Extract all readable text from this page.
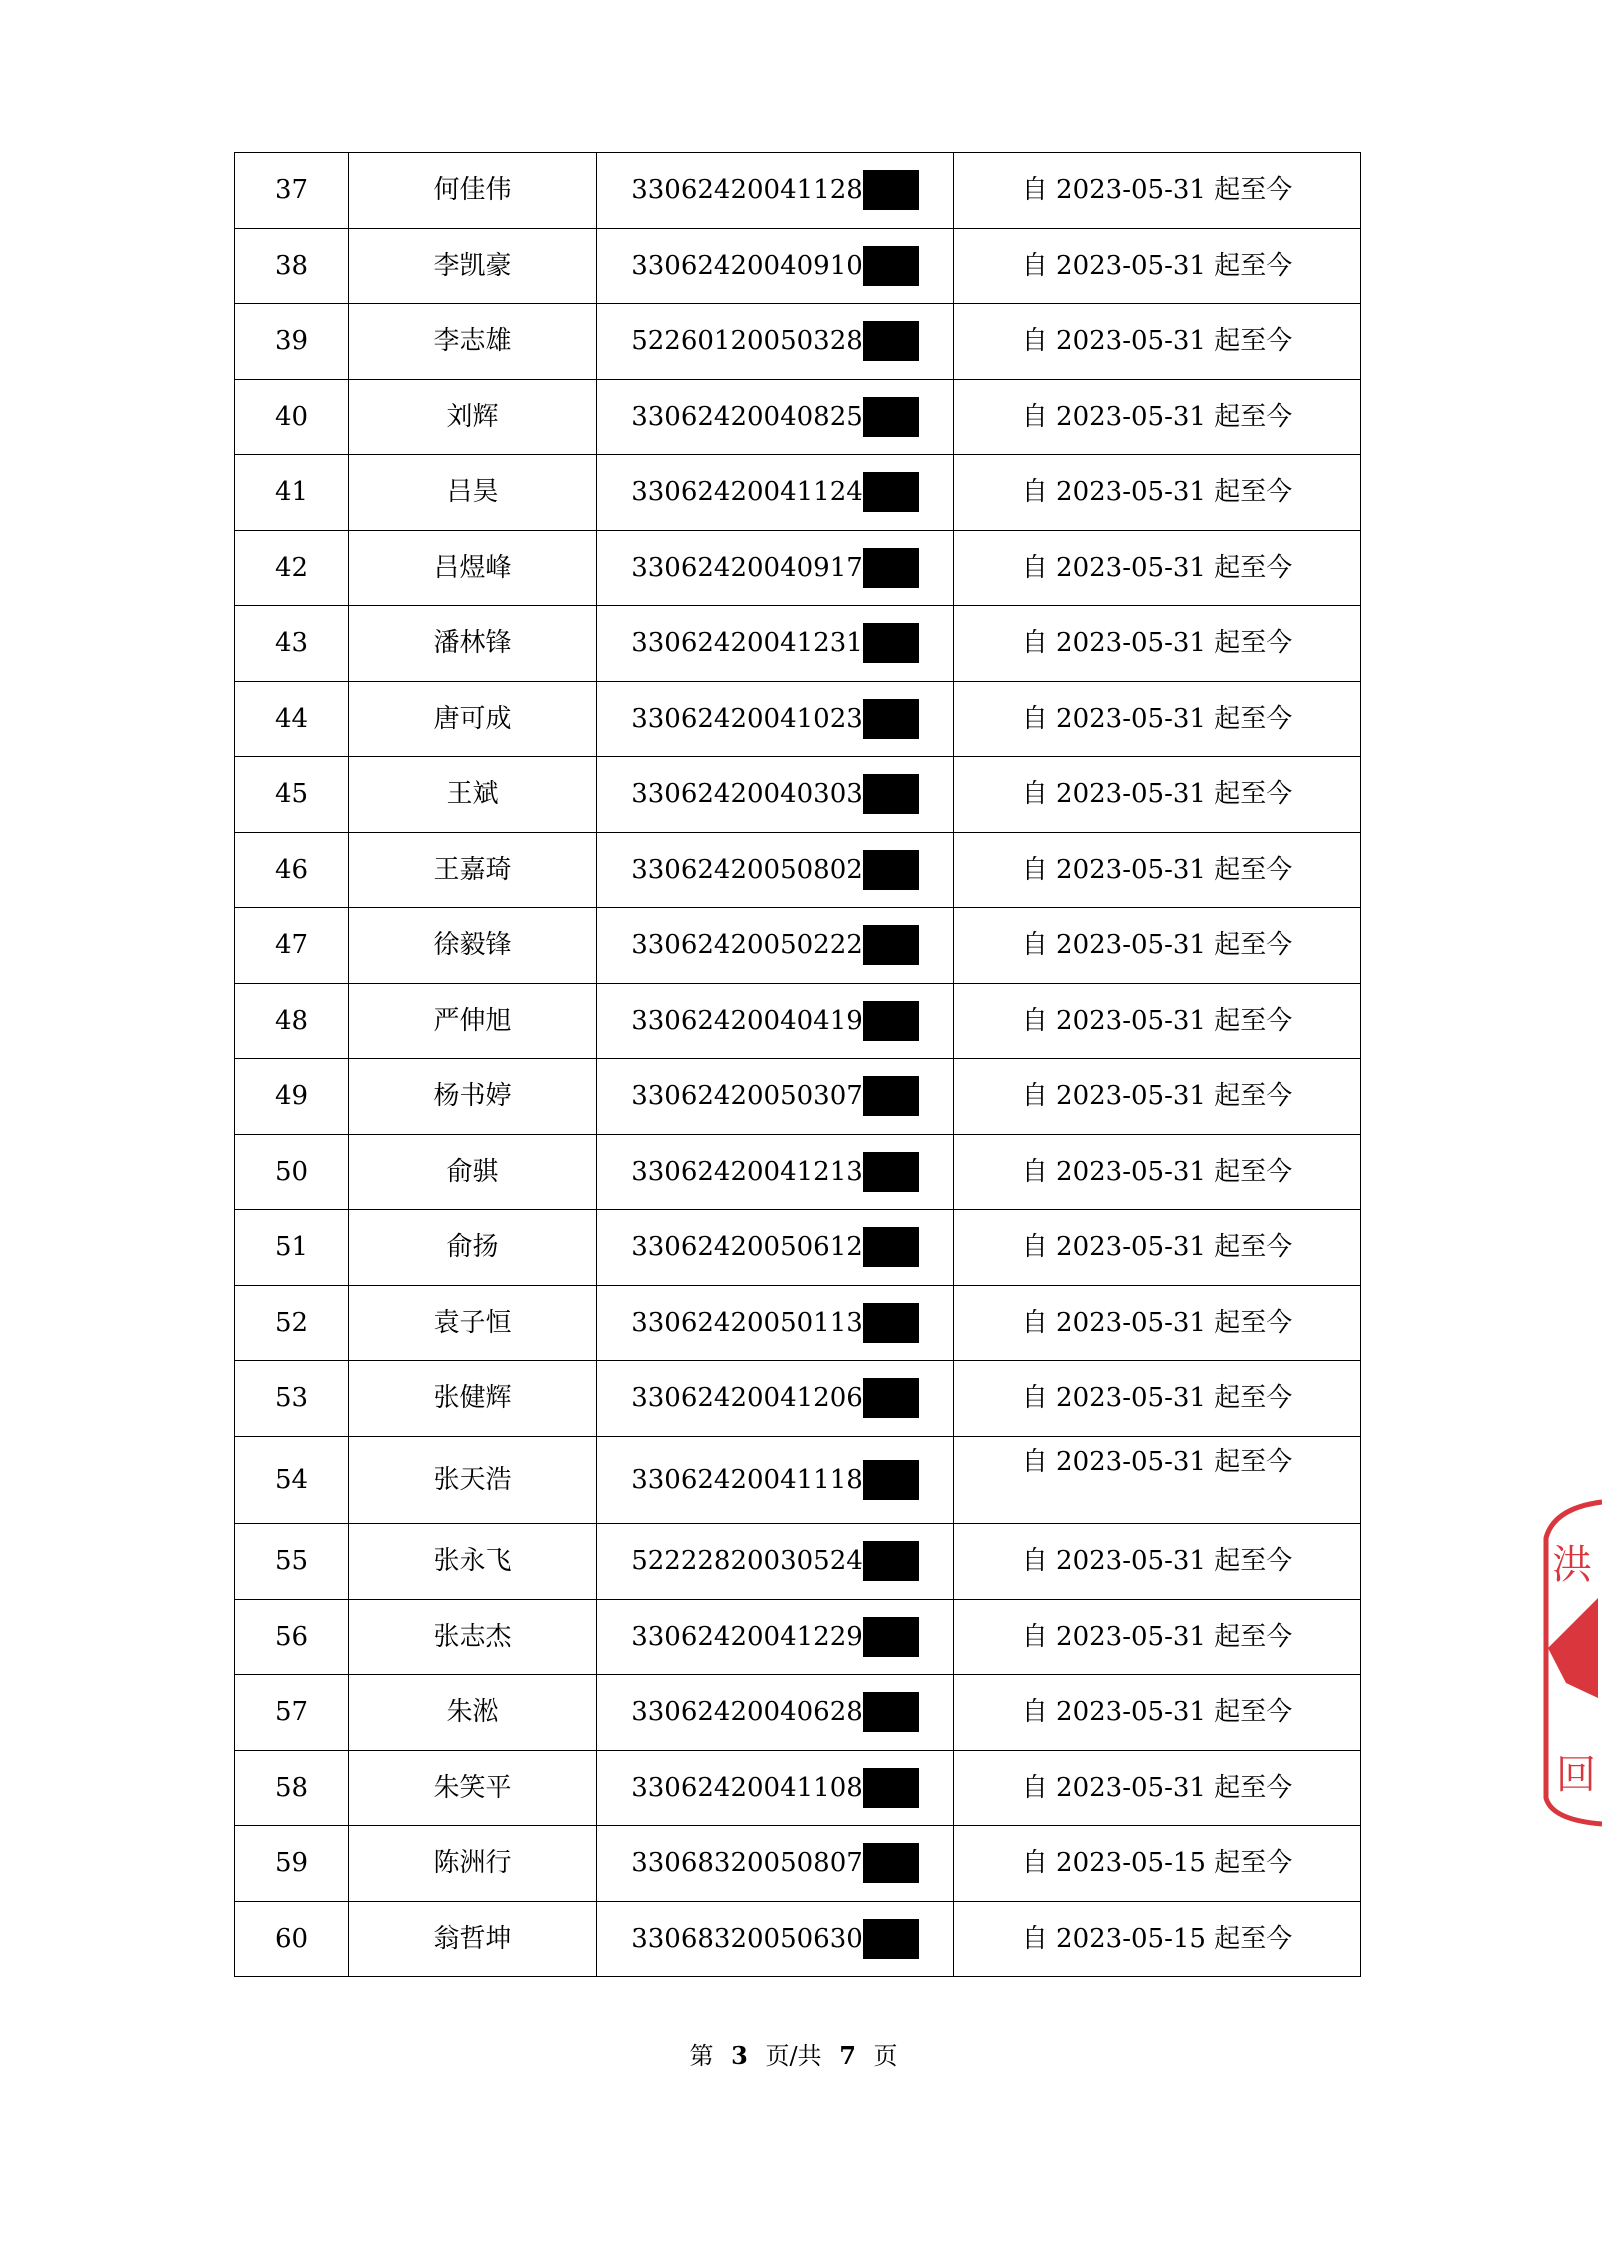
37	何佳伟	33062420041128	自 2023-05-31 起至今
38	李凯豪	33062420040910	自 2023-05-31 起至今
39	李志雄	52260120050328	自 2023-05-31 起至今
40	刘辉	33062420040825	自 2023-05-31 起至今
41	吕昊	33062420041124	自 2023-05-31 起至今
42	吕煜峰	33062420040917	自 2023-05-31 起至今
43	潘林锋	33062420041231	自 2023-05-31 起至今
44	唐可成	33062420041023	自 2023-05-31 起至今
45	王斌	33062420040303	自 2023-05-31 起至今
46	王嘉琦	33062420050802	自 2023-05-31 起至今
47	徐毅锋	33062420050222	自 2023-05-31 起至今
48	严伸旭	33062420040419	自 2023-05-31 起至今
49	杨书婷	33062420050307	自 2023-05-31 起至今
50	俞骐	33062420041213	自 2023-05-31 起至今
51	俞扬	33062420050612	自 2023-05-31 起至今
52	袁子恒	33062420050113	自 2023-05-31 起至今
53	张健辉	33062420041206	自 2023-05-31 起至今
54	张天浩	33062420041118	自 2023-05-31 起至今
55	张永飞	52222820030524	自 2023-05-31 起至今
56	张志杰	33062420041229	自 2023-05-31 起至今
57	朱淞	33062420040628	自 2023-05-31 起至今
58	朱笑平	33062420041108	自 2023-05-31 起至今
59	陈洲行	33068320050807	自 2023-05-15 起至今
60	翁哲坤	33068320050630	自 2023-05-15 起至今
第 3 页/共 7 页
洪
回
